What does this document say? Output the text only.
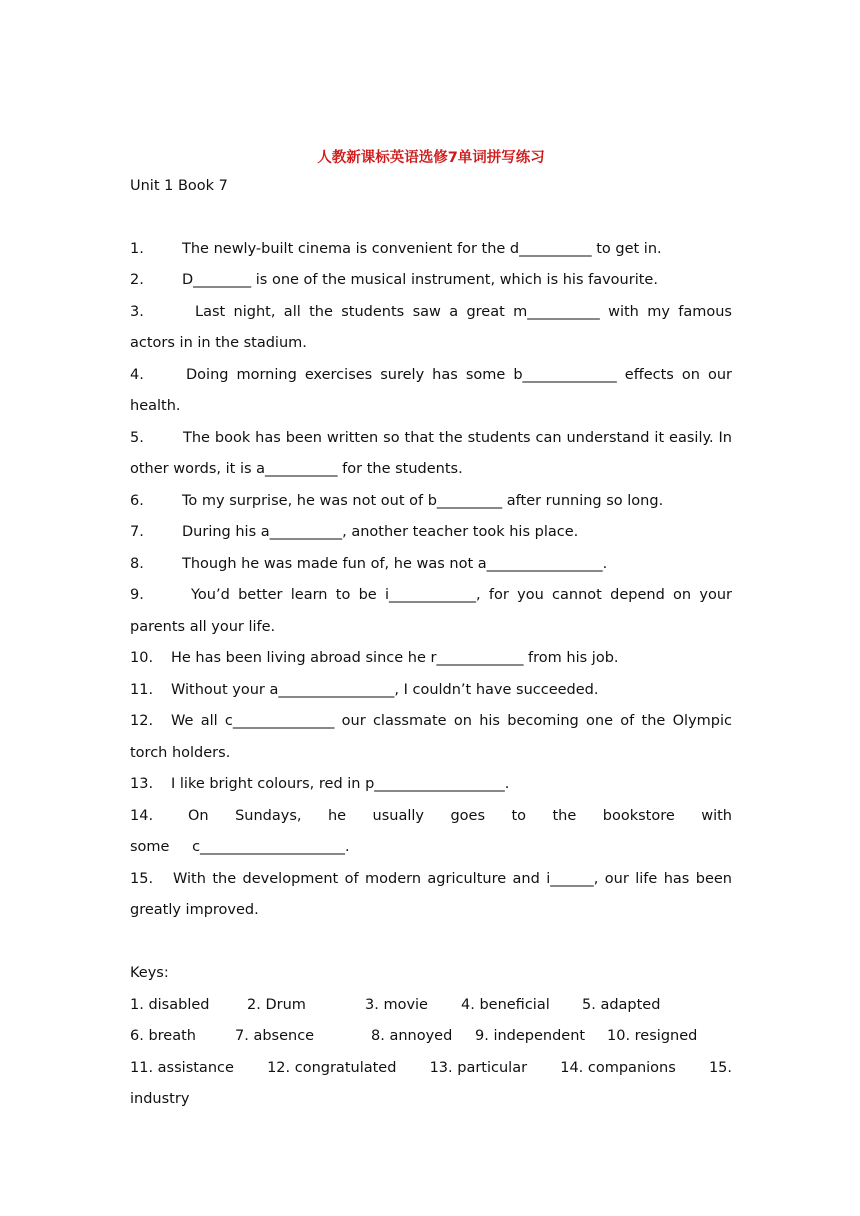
人教新课标英语选修7单词拼写练习

Unit 1 Book 7

1.	The newly-built cinema is convenient for the d__________ to get in.

2.	D________ is one of the musical instrument, which is his favourite.

3.	Last night, all the students saw a great m__________ with my famous actors in in the stadium.

4.	Doing morning exercises surely has some b_____________ effects on our health.

5.	The book has been written so that the students can understand it easily. In other words, it is a__________ for the students.

6.	To my surprise, he was not out of b_________ after running so long.

7.	During his a__________, another teacher took his place.

8.	Though he was made fun of, he was not a________________.

9.	You’d better learn to be i____________, for you cannot depend on your parents all your life.

10. He has been living abroad since he r____________ from his job.

11. Without your a________________, I couldn’t have succeeded.

12. We all c______________ our classmate on his becoming one of the Olympic torch holders.

13. I like bright colours, red in p__________________.

14. On Sundays, he usually goes to the bookstore with some c____________________.

15. With the development of modern agriculture and i______, our life has been greatly improved.

Keys:

1. disabled	2. Drum	3. movie 4. beneficial 5. adapted

6. breath	7. absence	8. annoyed 9. independent 10. resigned

11. assistance 12. congratulated 13. particular 14. companions 15.

industry
